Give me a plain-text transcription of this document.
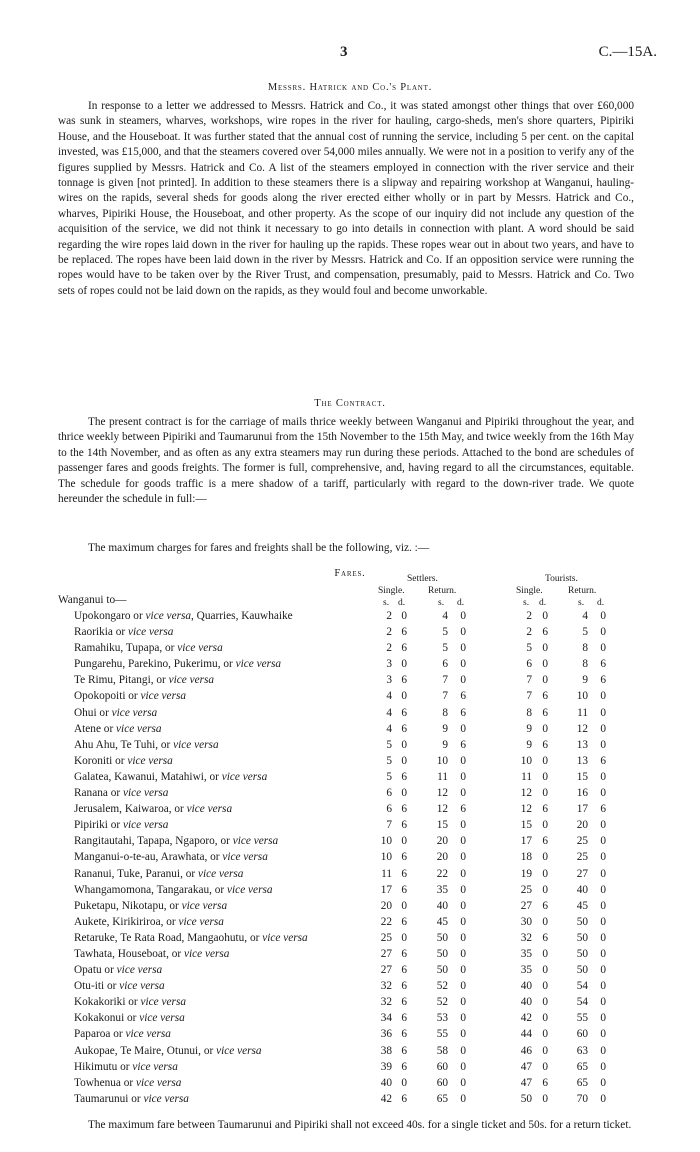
3	C.—15A.
Messrs. Hatrick and Co.'s Plant.

In response to a letter we addressed to Messrs. Hatrick and Co., it was stated amongst other things that over £60,000 was sunk in steamers, wharves, workshops, wire ropes in the river for hauling, cargo-sheds, men's shore quarters, Pipiriki House, and the Houseboat. It was further stated that the annual cost of running the service, including 5 per cent. on the capital invested, was £15,000, and that the steamers covered over 54,000 miles annually. We were not in a position to verify any of the figures supplied by Messrs. Hatrick and Co. A list of the steamers employed in connection with the river service and their tonnage is given [not printed]. In addition to these steamers there is a slipway and repairing workshop at Wanganui, hauling-wires on the rapids, several sheds for goods along the river erected either wholly or in part by Messrs. Hatrick and Co., wharves, Pipiriki House, the Houseboat, and other property. As the scope of our inquiry did not include any question of the acquisition of the service, we did not think it necessary to go into details in connection with plant. A word should be said regarding the wire ropes laid down in the river for hauling up the rapids. These ropes wear out in about two years, and have to be replaced. The ropes have been laid down in the river by Messrs. Hatrick and Co. If an opposition service were running the ropes would have to be taken over by the River Trust, and compensation, presumably, paid to Messrs. Hatrick and Co. Two sets of ropes could not be laid down on the rapids, as they would foul and become unworkable.

The Contract.

The present contract is for the carriage of mails thrice weekly between Wanganui and Pipiriki throughout the year, and thrice weekly between Pipiriki and Taumarunui from the 15th November to the 15th May, and twice weekly from the 16th May to the 14th November, and as often as any extra steamers may run during these periods. Attached to the bond are schedules of passenger fares and goods freights. The former is full, comprehensive, and, having regard to all the circumstances, equitable. The schedule for goods traffic is a mere shadow of a tariff, particularly with regard to the down-river trade. We quote hereunder the schedule in full:—

The maximum charges for fares and freights shall be the following, viz. :—

Fares.	Settlers.	Tourists.
Single. Return.	Single.	Return.
s. d.	s. d.	s. d.	s. d.
Wanganui to—
Upokongaro or vice versa, Quarries, Kauwhaike	2 0	4	0	2 0	4	0
Raorikia or vice versa	2 6	5	0	2 6	5	0
Ramahiku, Tupapa, or vice versa	2 6	5	0	5 0	8	0
Pungarehu, Parekino, Pukerimu, or vice versa	3 0	6	0	6 0	8	6
Te Rimu, Pitangi, or vice versa	3 6	7	0	7 0	9	6
Opokopoiti or vice versa	4 0	7	6	7 6	10	0
Ohui or vice versa	4 6	8	6	8 6	11	0
Atene or vice versa	4 6	9	0	9 0	12	0
Ahu Ahu, Te Tuhi, or vice versa	5 0	9	6	9 6	13	0
Koroniti or vice versa	5 0	10	0	10 0	13	6
Galatea, Kawanui, Matahiwi, or vice versa	5 6	11	0	11 0	15	0
Ranana or vice versa	6 0	12	0	12 0	16	0
Jerusalem, Kaiwaroa, or vice versa	6 6	12	6	12 6	17	6
Pipiriki or vice versa	7 6	15	0	15 0	20	0
Rangitautahi, Tapapa, Ngaporo, or vice versa	10 0	20	0	17 6	25	0
Manganui-o-te-au, Arawhata, or vice versa	10 6	20	0	18 0	25	0
Rananui, Tuke, Paranui, or vice versa	11 6	22	0	19 0	27	0
Whangamomona, Tangarakau, or vice versa	17 6	35	0	25 0	40	0
Puketapu, Nikotapu, or vice versa	20 0	40	0	27 6	45	0
Aukete, Kirikiriroa, or vice versa	22 6	45	0	30 0	50	0
Retaruke, Te Rata Road, Mangaohutu, or vice versa	25 0	50	0	32 6	50	0
Tawhata, Houseboat, or vice versa	27 6	50	0	35 0	50	0
Opatu or vice versa	27 6	50	0	35 0	50	0
Otu-iti or vice versa	32 6	52	0	40 0	54	0
Kokakoriki or vice versa	32 6	52	0	40 0	54	0
Kokakonui or vice versa	34 6	53	0	42 0	55	0
Paparoa or vice versa	36 6	55	0	44 0	60	0
Aukopae, Te Maire, Otunui, or vice versa	38 6	58	0	46 0	63	0
Hikimutu or vice versa	39 6	60	0	47 0	65	0
Towhenua or vice versa	40 0	60	0	47 6	65	0
Taumarunui or vice versa	42 6	65	0	50 0	70	0

The maximum fare between Taumarunui and Pipiriki shall not exceed 40s. for a single ticket and 50s. for a return ticket.
